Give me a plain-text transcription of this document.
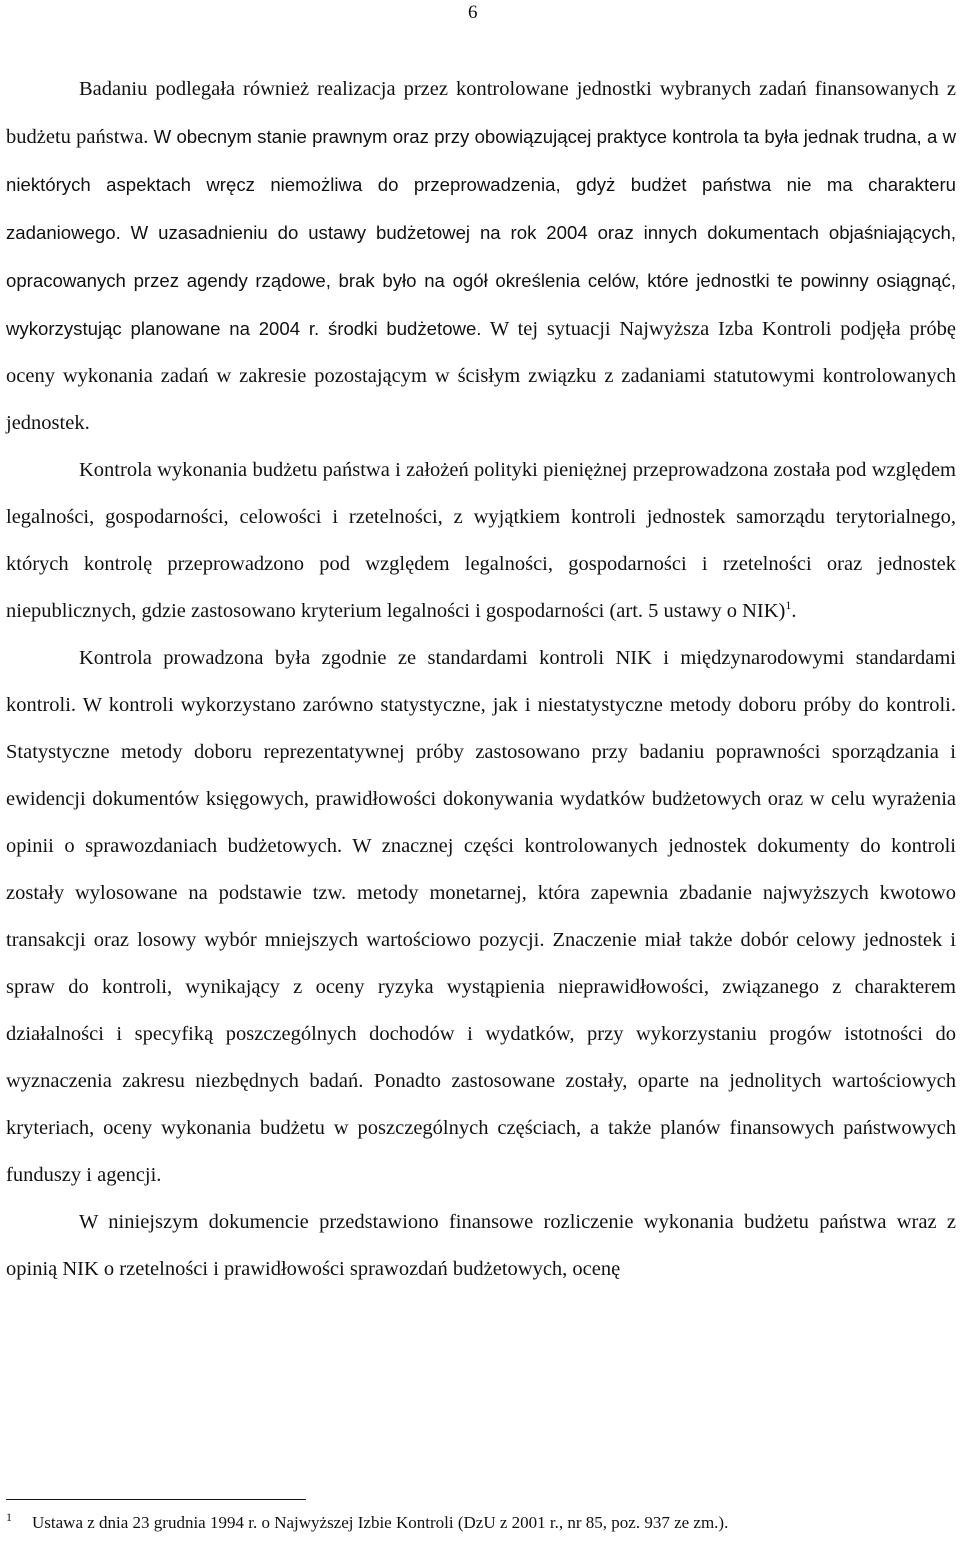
6

Badaniu podlegała również realizacja przez kontrolowane jednostki wybranych zadań finansowanych z budżetu państwa. W obecnym stanie prawnym oraz przy obowiązującej praktyce kontrola ta była jednak trudna, a w niektórych aspektach wręcz niemożliwa do przeprowadzenia, gdyż budżet państwa nie ma charakteru zadaniowego. W uzasadnieniu do ustawy budżetowej na rok 2004 oraz innych dokumentach objaśniających, opracowanych przez agendy rządowe, brak było na ogół określenia celów, które jednostki te powinny osiągnąć, wykorzystując planowane na 2004 r. środki budżetowe. W tej sytuacji Najwyższa Izba Kontroli podjęła próbę oceny wykonania zadań w zakresie pozostającym w ścisłym związku z zadaniami statutowymi kontrolowanych jednostek.

Kontrola wykonania budżetu państwa i założeń polityki pieniężnej przeprowadzona została pod względem legalności, gospodarności, celowości i rzetelności, z wyjątkiem kontroli jednostek samorządu terytorialnego, których kontrolę przeprowadzono pod względem legalności, gospodarności i rzetelności oraz jednostek niepublicznych, gdzie zastosowano kryterium legalności i gospodarności (art. 5 ustawy o NIK)$^1$.

Kontrola prowadzona była zgodnie ze standardami kontroli NIK i międzynarodowymi standardami kontroli. W kontroli wykorzystano zarówno statystyczne, jak i niestatystyczne metody doboru próby do kontroli. Statystyczne metody doboru reprezentatywnej próby zastosowano przy badaniu poprawności sporządzania i ewidencji dokumentów księgowych, prawidłowości dokonywania wydatków budżetowych oraz w celu wyrażenia opinii o sprawozdaniach budżetowych. W znacznej części kontrolowanych jednostek dokumenty do kontroli zostały wylosowane na podstawie tzw. metody monetarnej, która zapewnia zbadanie najwyższych kwotowo transakcji oraz losowy wybór mniejszych wartościowo pozycji. Znaczenie miał także dobór celowy jednostek i spraw do kontroli, wynikający z oceny ryzyka wystąpienia nieprawidłowości, związanego z charakterem działalności i specyfiką poszczególnych dochodów i wydatków, przy wykorzystaniu progów istotności do wyznaczenia zakresu niezbędnych badań. Ponadto zastosowane zostały, oparte na jednolitych wartościowych kryteriach, oceny wykonania budżetu w poszczególnych częściach, a także planów finansowych państwowych funduszy i agencji.

W niniejszym dokumencie przedstawiono finansowe rozliczenie wykonania budżetu państwa wraz z opinią NIK o rzetelności i prawidłowości sprawozdań budżetowych, ocenę

1 Ustawa z dnia 23 grudnia 1994 r. o Najwyższej Izbie Kontroli (DzU z 2001 r., nr 85, poz. 937 ze zm.).
